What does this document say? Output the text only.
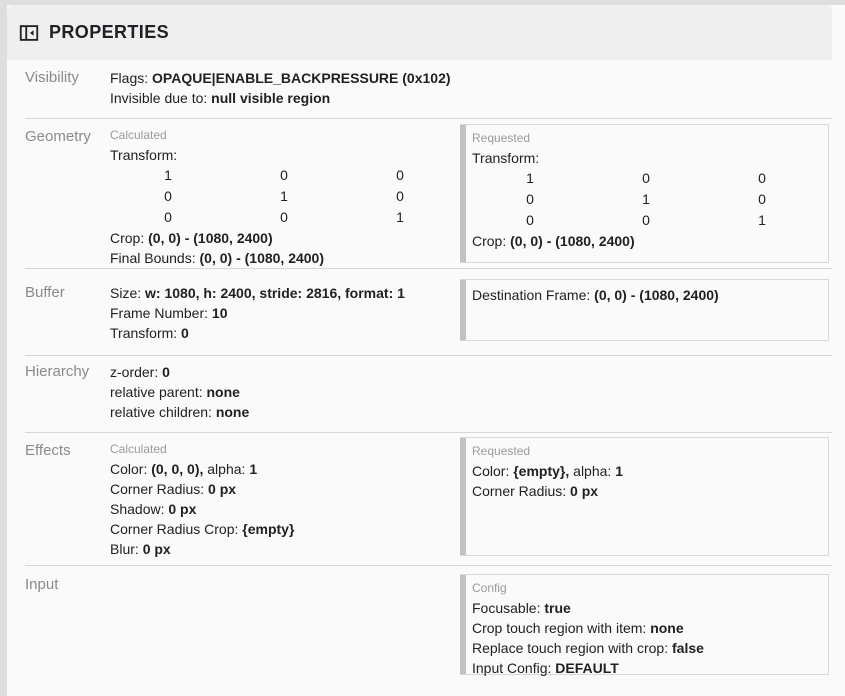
PROPERTIES
Visibility	Flags: OPAQUE|ENABLE_BACKPRESSURE (0x102)
Invisible due to: null visible region
Geometry	Calculated
Transform:
1	0	0
0	1	0
0	0	1
Crop: (0, 0) - (1080, 2400)
Final Bounds: (0, 0) - (1080, 2400)
Requested
Transform:
1	0	0
0	1	0
0	0	1
Crop: (0, 0) - (1080, 2400)
Buffer	Size: w: 1080, h: 2400, stride: 2816, format: 1
Frame Number: 10
Transform: 0
Destination Frame: (0, 0) - (1080, 2400)
Hierarchy	z-order: 0
relative parent: none
relative children: none
Effects	Calculated
Color: (0, 0, 0), alpha: 1
Corner Radius: 0 px
Shadow: 0 px
Corner Radius Crop: {empty}
Blur: 0 px
Requested
Color: {empty}, alpha: 1
Corner Radius: 0 px
Input	Config
Focusable: true
Crop touch region with item: none
Replace touch region with crop: false
Input Config: DEFAULT
